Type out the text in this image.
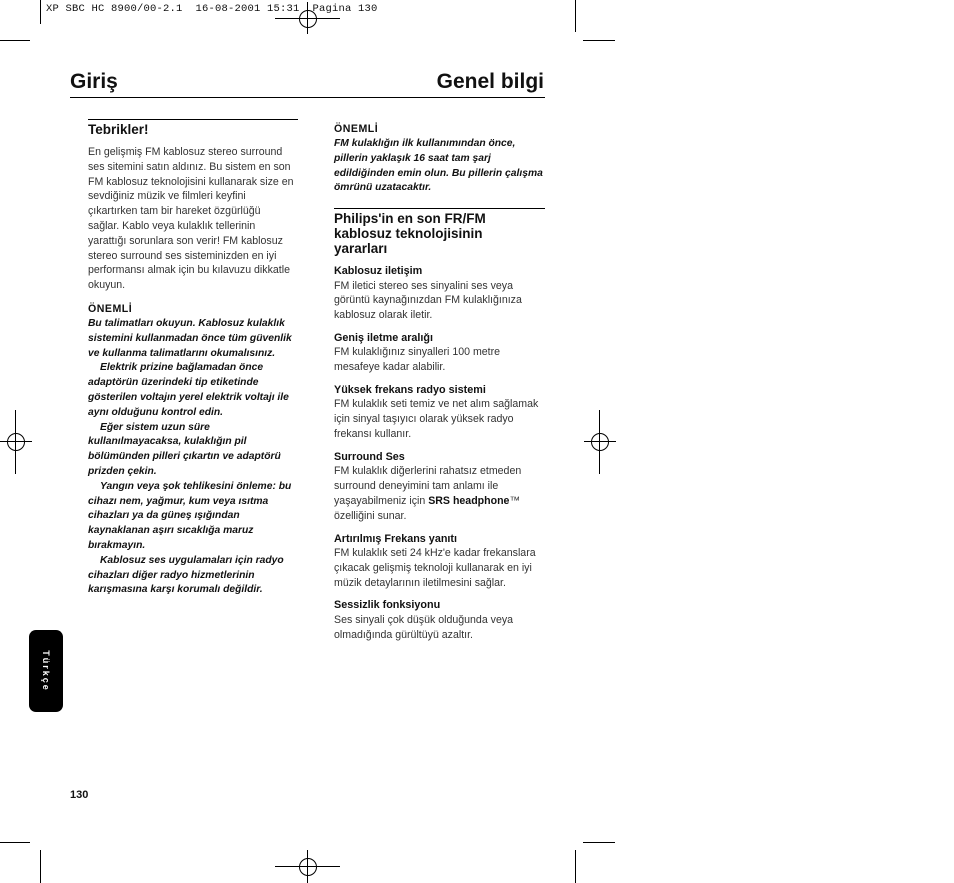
XP SBC HC 8900/00-2.1  16-08-2001 15:31  Pagina 130
Giriş	Genel bilgi
Tebrikler!
En gelişmiş FM kablosuz stereo surround ses sitemini satın aldınız. Bu sistem en son FM kablosuz teknolojisini kullanarak size en sevdiğiniz müzik ve filmleri keyfini çıkartırken tam bir hareket özgürlüğü sağlar. Kablo veya kulaklık tellerinin yarattığı sorunlara son verir! FM kablosuz stereo surround ses sisteminizden en iyi performansı almak için bu kılavuzu dikkatle okuyun.
ÖNEMLİ

Bu talimatları okuyun. Kablosuz kulaklık sistemini kullanmadan önce tüm güvenlik ve kullanma talimatlarını okumalısınız.

Elektrik prizine bağlamadan önce adaptörün üzerindeki tip etiketinde gösterilen voltajın yerel elektrik voltajı ile aynı olduğunu kontrol edin.

Eğer sistem uzun süre kullanılmayacaksa, kulaklığın pil bölümünden pilleri çıkartın ve adaptörü prizden çekin.

Yangın veya şok tehlikesini önleme: bu cihazı nem, yağmur, kum veya ısıtma cihazları ya da güneş ışığından kaynaklanan aşırı sıcaklığa maruz bırakmayın.

Kablosuz ses uygulamaları için radyo cihazları diğer radyo hizmetlerinin karışmasına karşı korumalı değildir.

ÖNEMLİ
FM kulaklığın ilk kullanımından önce, pillerin yaklaşık 16 saat tam şarj edildiğinden emin olun. Bu pillerin çalışma ömrünü uzatacaktır.
Philips'in en son FR/FM kablosuz teknolojisinin yararları
Kablosuz iletişim
FM iletici stereo ses sinyalini ses veya görüntü kaynağınızdan FM kulaklığınıza kablosuz olarak iletir.
Geniş iletme aralığı
FM kulaklığınız sinyalleri 100 metre mesafeye kadar alabilir.
Yüksek frekans radyo sistemi
FM kulaklık seti temiz ve net alım sağlamak için sinyal taşıyıcı olarak yüksek radyo frekansı kullanır.
Surround Ses
FM kulaklık diğerlerini rahatsız etmeden surround deneyimini tam anlamı ile yaşayabilmeniz için SRS headphone™ özelliğini sunar.
Artırılmış Frekans yanıtı
FM kulaklık seti 24 kHz'e kadar frekanslara çıkacak gelişmiş teknoloji kullanarak en iyi müzik detaylarının iletilmesini sağlar.
Sessizlik fonksiyonu
Ses sinyali çok düşük olduğunda veya olmadığında gürültüyü azaltır.
Türkçe
130
